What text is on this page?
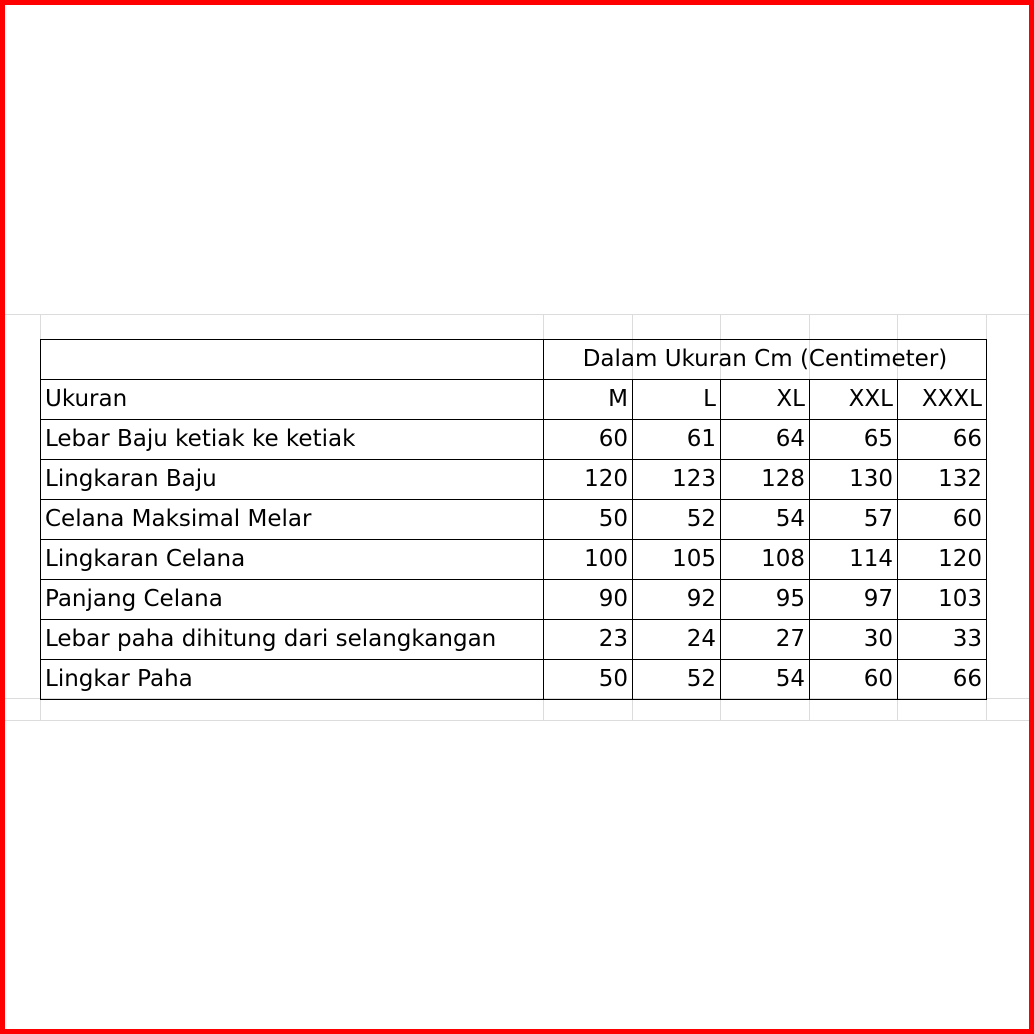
	Dalam Ukuran Cm (Centimeter)				
Ukuran	M	L	XL	XXL	XXXL
Lebar Baju ketiak ke ketiak	60	61	64	65	66
Lingkaran Baju	120	123	128	130	132
Celana Maksimal Melar	50	52	54	57	60
Lingkaran Celana	100	105	108	114	120
Panjang Celana	90	92	95	97	103
Lebar paha dihitung dari selangkangan	23	24	27	30	33
Lingkar Paha	50	52	54	60	66
